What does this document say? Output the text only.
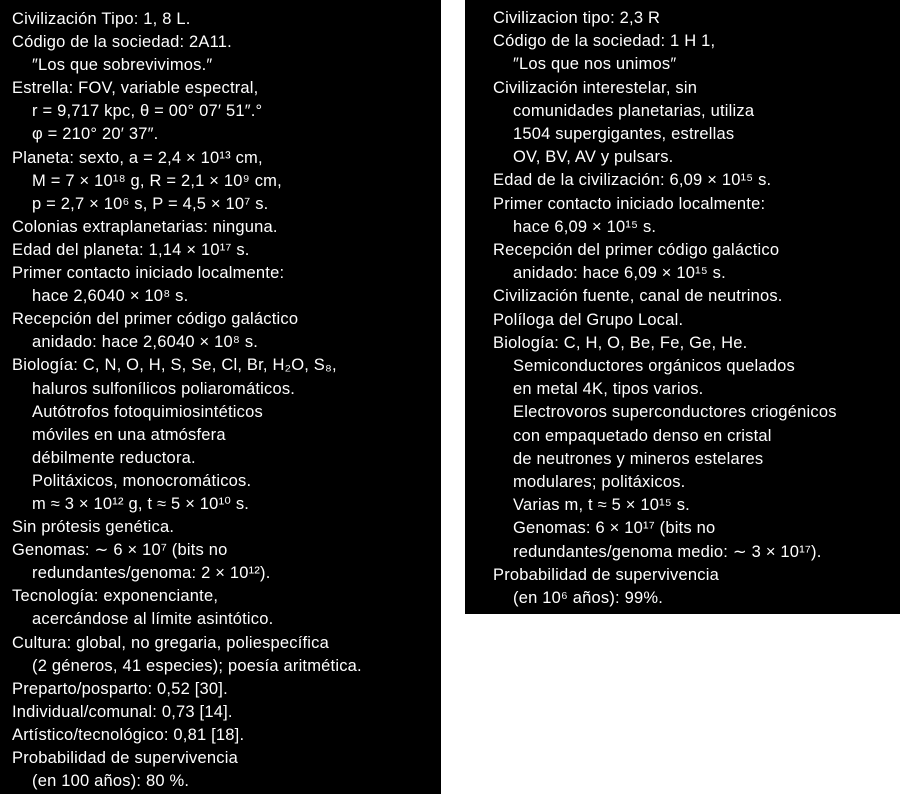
Civilización Tipo: 1, 8 L.
Código de la sociedad: 2A11.
″Los que sobrevivimos.″
Estrella: FOV, variable espectral,
r = 9,717 kpc, θ = 00° 07′ 51″.°
φ = 210° 20′ 37″.
Planeta: sexto, a = 2,4 × 10¹³ cm,
M = 7 × 10¹⁸ g, R = 2,1 × 10⁹ cm,
p = 2,7 × 10⁶ s, P = 4,5 × 10⁷ s.
Colonias extraplanetarias: ninguna.
Edad del planeta: 1,14 × 10¹⁷ s.
Primer contacto iniciado localmente:
hace 2,6040 × 10⁸ s.
Recepción del primer código galáctico
anidado: hace 2,6040 × 10⁸ s.
Biología: C, N, O, H, S, Se, Cl, Br, H₂O, S₈,
haluros sulfonílicos poliaromáticos.
Autótrofos fotoquimiosintéticos
móviles en una atmósfera
débilmente reductora.
Politáxicos, monocromáticos.
m ≈ 3 × 10¹² g, t ≈ 5 × 10¹⁰ s.
Sin prótesis genética.
Genomas: ∼ 6 × 10⁷ (bits no
redundantes/genoma: 2 × 10¹²).
Tecnología: exponenciante,
acercándose al límite asintótico.
Cultura: global, no gregaria, poliespecífica
(2 géneros, 41 especies); poesía aritmética.
Preparto/posparto: 0,52 [30].
Individual/comunal: 0,73 [14].
Artístico/tecnológico: 0,81 [18].
Probabilidad de supervivencia
(en 100 años): 80 %.
Civilizacion tipo: 2,3 R
Código de la sociedad: 1 H 1,
″Los que nos unimos″
Civilización interestelar, sin
comunidades planetarias, utiliza
1504 supergigantes, estrellas
OV, BV, AV y pulsars.
Edad de la civilización: 6,09 × 10¹⁵ s.
Primer contacto iniciado localmente:
hace 6,09 × 10¹⁵ s.
Recepción del primer código galáctico
anidado: hace 6,09 × 10¹⁵ s.
Civilización fuente, canal de neutrinos.
Políloga del Grupo Local.
Biología: C, H, O, Be, Fe, Ge, He.
Semiconductores orgánicos quelados
en metal 4K, tipos varios.
Electrovoros superconductores criogénicos
con empaquetado denso en cristal
de neutrones y mineros estelares
modulares; politáxicos.
Varias m, t ≈ 5 × 10¹⁵ s.
Genomas: 6 × 10¹⁷ (bits no
redundantes/genoma medio: ∼ 3 × 10¹⁷).
Probabilidad de supervivencia
(en 10⁶ años): 99%.
